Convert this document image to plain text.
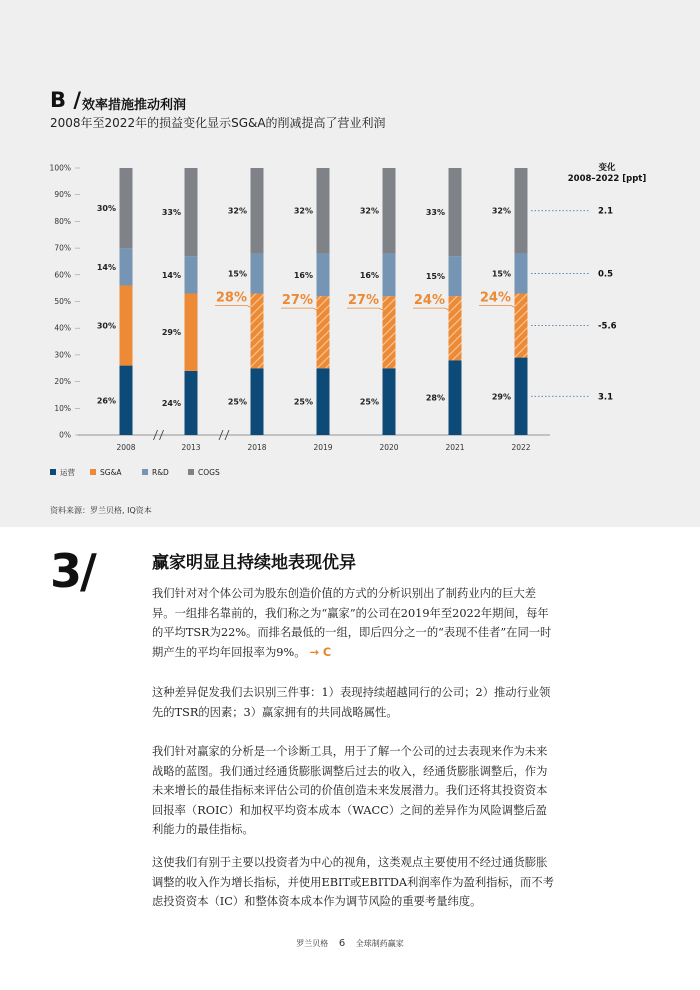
B / 效率措施推动利润
2008年至2022年的损益变化显示SG&A的削减提高了营业利润
0%
10%
20%
30%
40%
50%
60%
70%
80%
90%
100%
26%
30%
14%
30%
2008
24%
29%
14%
33%
2013
25%
28%
15%
32%
2018
25%
27%
16%
32%
2019
25%
27%
16%
32%
2020
28%
24%
15%
33%
2021
29%
24%
15%
32%
2022
变化
2008–2022 [ppt]
2.1
0.5
-5.6
3.1
运营	SG&A	R&D	COGS
资料来源：罗兰贝格, IQ资本
3/	赢家明显且持续地表现优异
我们针对对个体公司为股东创造价值的方式的分析识别出了制药业内的巨大差异。一组排名靠前的，我们称之为“赢家”的公司在2019年至2022年期间，每年的平均TSR为22%。而排名最低的一组，即后四分之一的“表现不佳者”在同一时期产生的平均年回报率为9%。 → C
这种差异促发我们去识别三件事：1）表现持续超越同行的公司；2）推动行业领先的TSR的因素；3）赢家拥有的共同战略属性。
我们针对赢家的分析是一个诊断工具，用于了解一个公司的过去表现来作为未来战略的蓝图。我们通过经通货膨胀调整后过去的收入，经通货膨胀调整后，作为未来增长的最佳指标来评估公司的价值创造未来发展潜力。我们还将其投资资本回报率（ROIC）和加权平均资本成本（WACC）之间的差异作为风险调整后盈利能力的最佳指标。
这使我们有别于主要以投资者为中心的视角，这类观点主要使用不经过通货膨胀调整的收入作为增长指标，并使用EBIT或EBITDA利润率作为盈利指标，而不考虑投资资本（IC）和整体资本成本作为调节风险的重要考量纬度。
罗兰贝格 6 全球制药赢家
